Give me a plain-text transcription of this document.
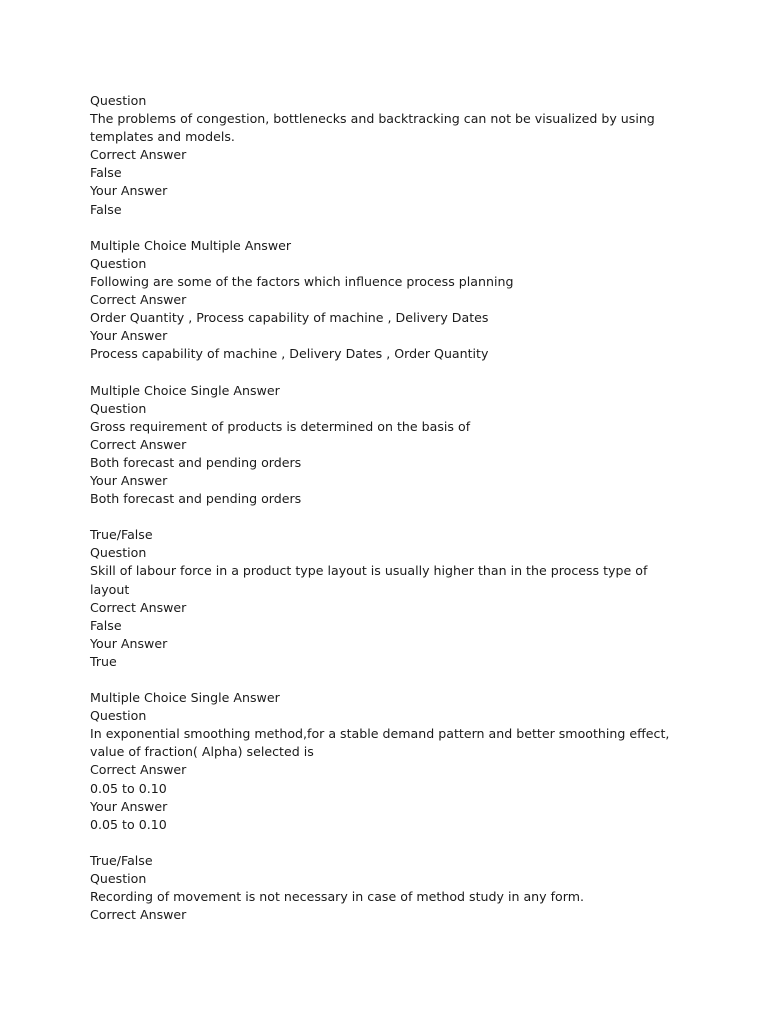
Question
The problems of congestion, bottlenecks and backtracking can not be visualized by using templates and models.
Correct Answer
False
Your Answer
False
Multiple Choice Multiple Answer
Question
Following are some of the factors which influence process planning
Correct Answer
Order Quantity , Process capability of machine , Delivery Dates
Your Answer
Process capability of machine , Delivery Dates , Order Quantity
Multiple Choice Single Answer
Question
Gross requirement of products is determined on the basis of
Correct Answer
Both forecast and pending orders
Your Answer
Both forecast and pending orders
True/False
Question
Skill of labour force in a product type layout is usually higher than in the process type of layout
Correct Answer
False
Your Answer
True
Multiple Choice Single Answer
Question
In exponential smoothing method,for a stable demand pattern and better smoothing effect, value of fraction( Alpha) selected is
Correct Answer
0.05 to 0.10
Your Answer
0.05 to 0.10
True/False
Question
Recording of movement is not necessary in case of method study in any form.
Correct Answer
